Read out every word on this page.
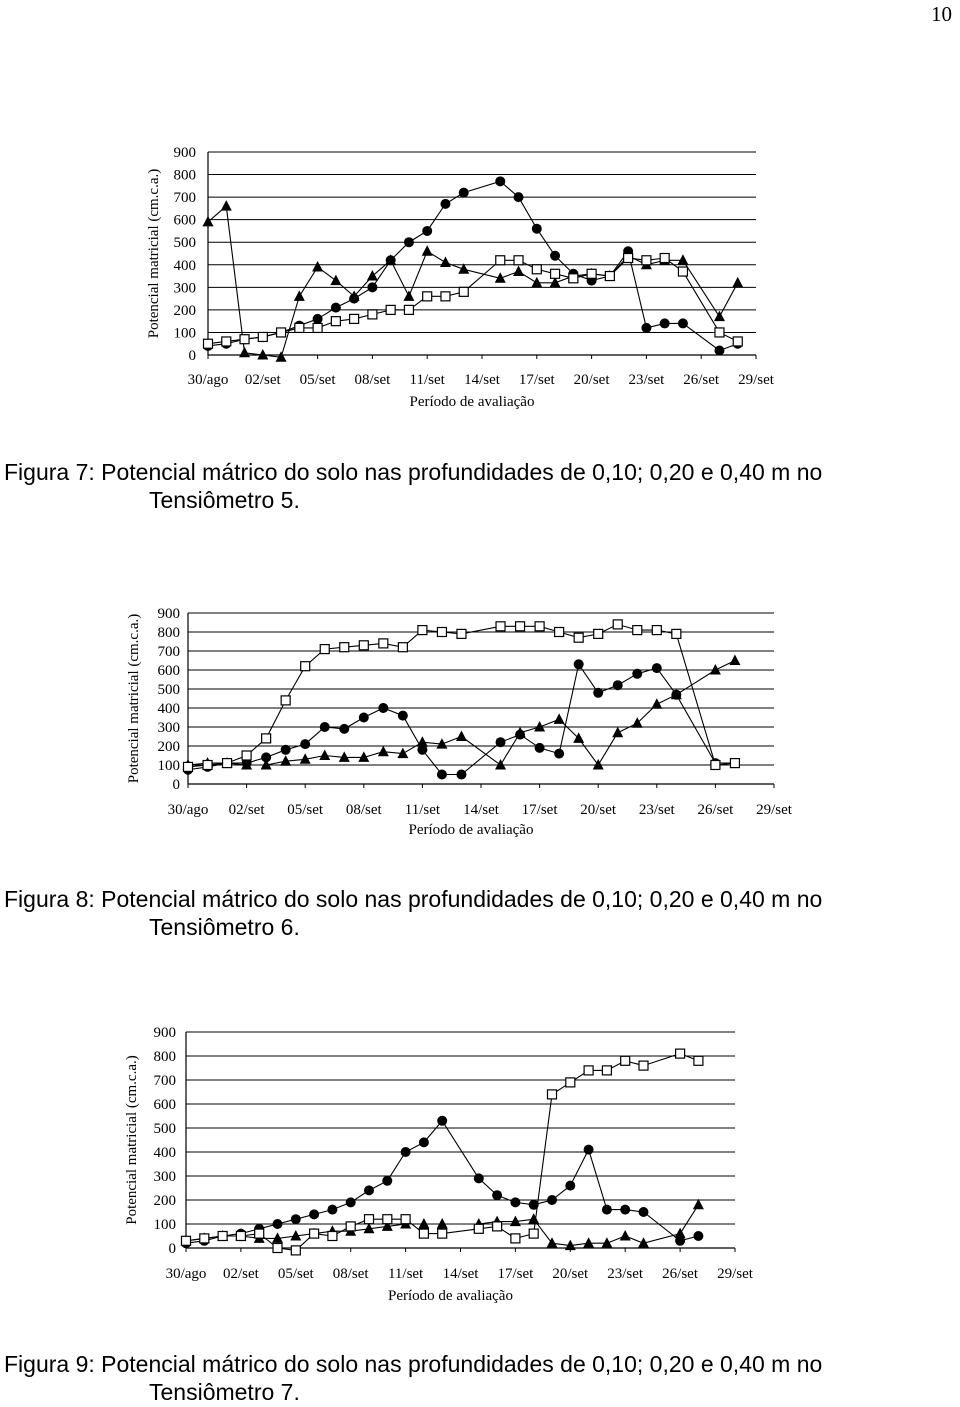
10
0
100
200
300
400
500
600
700
800
900
30/ago 02/set 05/set 08/set 11/set 14/set 17/set 20/set 23/set 26/set 29/set
Período de avaliação
Potencial matricial (cm.c.a.)
Figura 7: Potencial mátrico do solo nas profundidades de 0,10; 0,20 e 0,40 m no
Tensiômetro 5.
0
100
200
300
400
500
600
700
800
900
30/ago 02/set 05/set 08/set 11/set 14/set 17/set 20/set 23/set 26/set 29/set
Período de avaliação
Potencial matricial (cm.c.a.)
Figura 8: Potencial mátrico do solo nas profundidades de 0,10; 0,20 e 0,40 m no
Tensiômetro 6.
0
100
200
300
400
500
600
700
800
900
30/ago 02/set 05/set 08/set 11/set 14/set 17/set 20/set 23/set 26/set 29/set
Período de avaliação
Potencial matricial (cm.c.a.)
Figura 9: Potencial mátrico do solo nas profundidades de 0,10; 0,20 e 0,40 m no
Tensiômetro 7.
